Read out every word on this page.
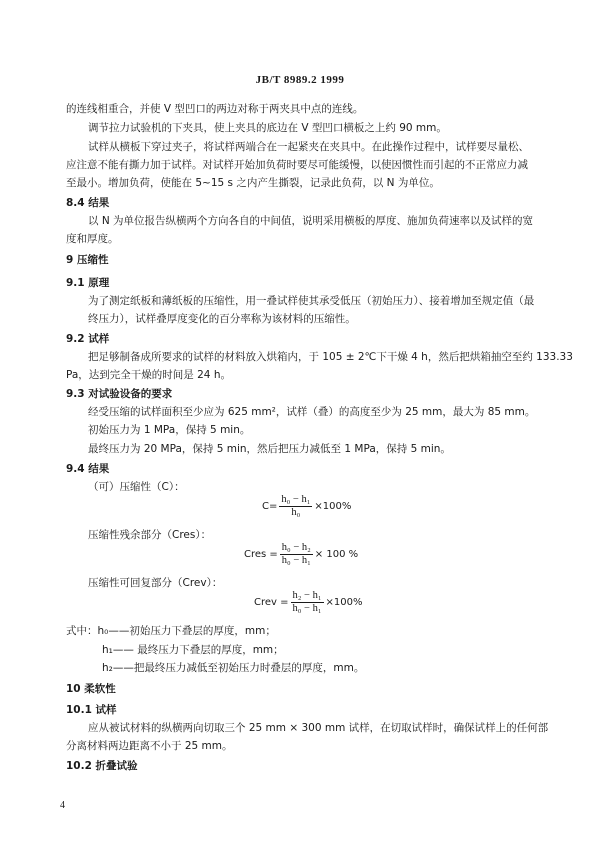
JB/T 8989.2 1999
的连线相重合，并使 V 型凹口的两边对称于两夹具中点的连线。
调节拉力试验机的下夹具，使上夹具的底边在 V 型凹口横板之上约 90 mm。
试样从横板下穿过夹子，将试样两端合在一起紧夹在夹具中。在此操作过程中，试样要尽量松、
应注意不能有撕力加于试样。对试样开始加负荷时要尽可能缓慢，以使因惯性而引起的不正常应力减
至最小。增加负荷，使能在 5~15 s 之内产生撕裂，记录此负荷，以 N 为单位。
8.4 结果
以 N 为单位报告纵横两个方向各自的中间值，说明采用横板的厚度、施加负荷速率以及试样的宽
度和厚度。
9 压缩性
9.1 原理
为了测定纸板和薄纸板的压缩性，用一叠试样使其承受低压（初始压力）、接着增加至规定值（最
终压力），试样叠厚度变化的百分率称为该材料的压缩性。
9.2 试样
把足够制备成所要求的试样的材料放入烘箱内，于 105 ± 2℃下干燥 4 h，然后把烘箱抽空至约 133.33
Pa，达到完全干燥的时间是 24 h。
9.3 对试验设备的要求
经受压缩的试样面积至少应为 625 mm²，试样（叠）的高度至少为 25 mm，最大为 85 mm。
初始压力为 1 MPa，保持 5 min。
最终压力为 20 MPa，保持 5 min，然后把压力减低至 1 MPa，保持 5 min。
9.4 结果
（可）压缩性（C）：
$C= \frac{\text{h₀ − h₁}}{\text{h₀}} \times 100\%$
压缩性残余部分（Cres）：
Cres = $\frac{\text{h₀ − h₂}}{\text{h₀ − h₁}} \times 100$ %
压缩性可回复部分（Crev）：
Crev = $\frac{\text{h₂ − h₁}}{\text{h₀ − h₁}} \times 100\%$
式中：h₀——初始压力下叠层的厚度，mm；
h₁—— 最终压力下叠层的厚度，mm；
h₂——把最终压力减低至初始压力时叠层的厚度，mm。
10 柔软性
10.1 试样
应从被试材料的纵横两向切取三个 25 mm × 300 mm 试样，在切取试样时，确保试样上的任何部
分离材料两边距离不小于 25 mm。
10.2 折叠试验
4
